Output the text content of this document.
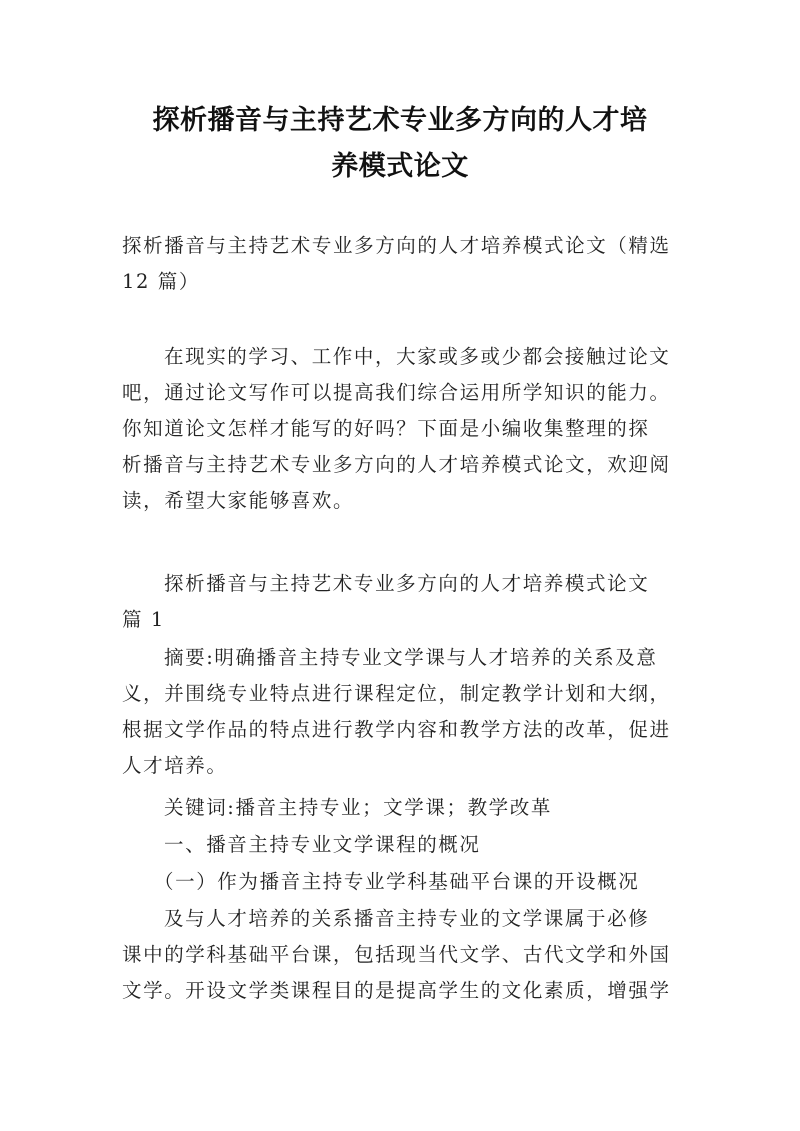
探析播音与主持艺术专业多方向的人才培
养模式论文
探析播音与主持艺术专业多方向的人才培养模式论文（精选
12 篇）
在现实的学习、工作中，大家或多或少都会接触过论文
吧，通过论文写作可以提高我们综合运用所学知识的能力。
你知道论文怎样才能写的好吗？下面是小编收集整理的探
析播音与主持艺术专业多方向的人才培养模式论文，欢迎阅
读，希望大家能够喜欢。
探析播音与主持艺术专业多方向的人才培养模式论文
篇 1
摘要:明确播音主持专业文学课与人才培养的关系及意
义，并围绕专业特点进行课程定位，制定教学计划和大纲，
根据文学作品的特点进行教学内容和教学方法的改革，促进
人才培养。
关键词:播音主持专业；文学课；教学改革
一、播音主持专业文学课程的概况
（一）作为播音主持专业学科基础平台课的开设概况
及与人才培养的关系播音主持专业的文学课属于必修
课中的学科基础平台课，包括现当代文学、古代文学和外国
文学。开设文学类课程目的是提高学生的文化素质，增强学
